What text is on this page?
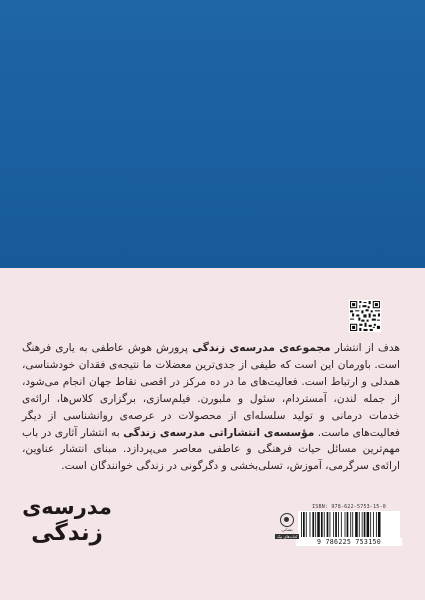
هدف از انتشار مجموعه‌ی مدرسه‌ی زندگی پرورش هوش عاطفی به یاری فرهنگ است. باورمان این است که طیفی از جدی‌ترین معضلات ما نتیجه‌ی فقدان خودشناسی، همدلی و ارتباط است. فعالیت‌های ما در ده مرکز در اقصی نقاط جهان انجام می‌شود، از جمله لندن، آمستردام، سئول و ملبورن. فیلم‌سازی، برگزاری کلاس‌ها، ارائه‌ی خدمات درمانی و تولید سلسله‌ای از محصولات در عرصه‌ی روانشناسی از دیگر فعالیت‌های ماست. مؤسسه‌ی انتشاراتی مدرسه‌ی زندگی به انتشار آثاری در باب مهم‌ترین مسائل حیات فرهنگی و عاطفی معاصر می‌پردازد. مبنای انتشار عناوین، ارائه‌ی سرگرمی، آموزش، تسلی‌بخشی و دگرگونی در زندگی خوانندگان است.
مدرسه‌ی
زندگی
ISBN: 978-622-5753-15-0
نشانی
کتاب‌های نیک
9 786225 753150
